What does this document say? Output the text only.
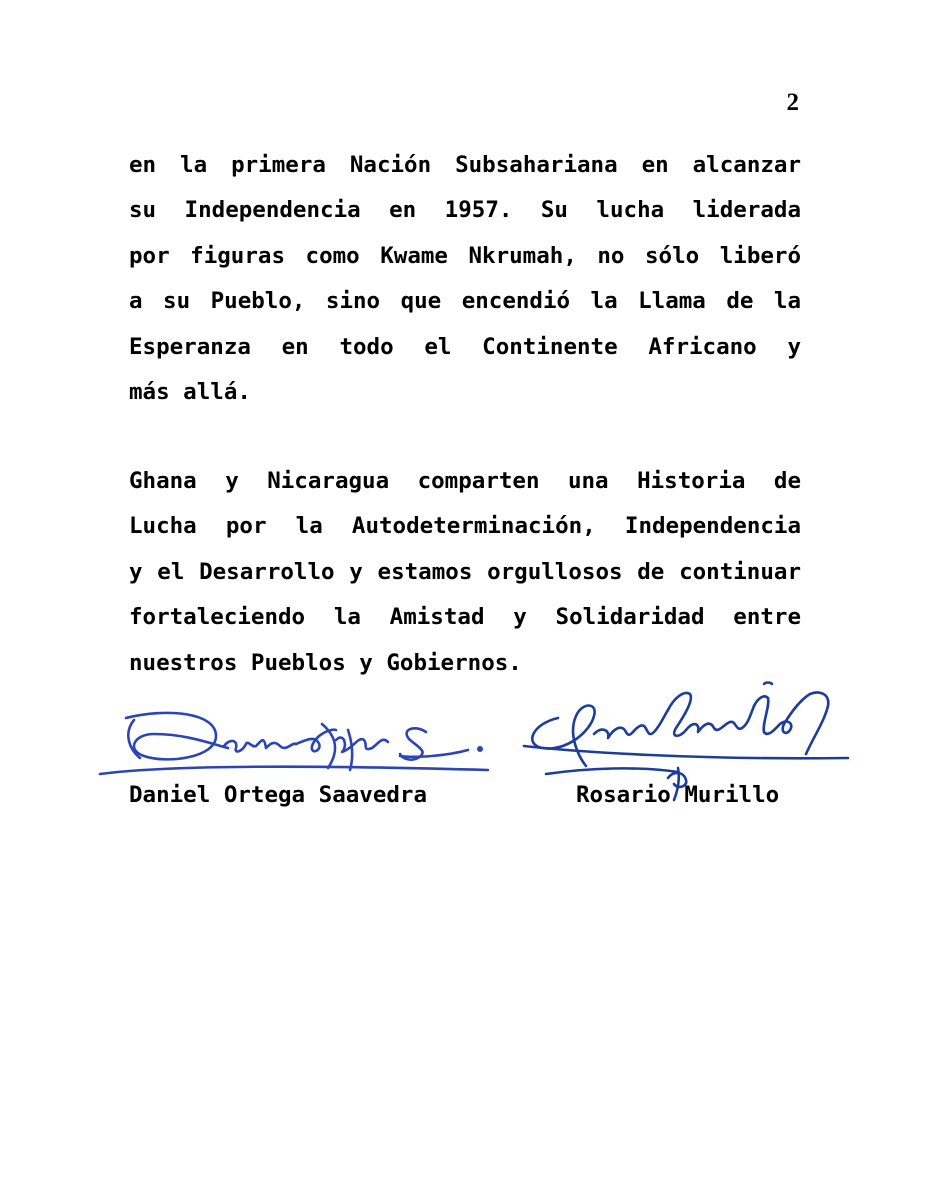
2
en la primera Nación Subsahariana en alcanzar
su Independencia en 1957. Su lucha liderada
por figuras como Kwame Nkrumah, no sólo liberó
a su Pueblo, sino que encendió la Llama de la
Esperanza en todo el Continente Africano y
más allá.
Ghana y Nicaragua comparten una Historia de
Lucha por la Autodeterminación, Independencia
y el Desarrollo y estamos orgullosos de continuar
fortaleciendo la Amistad y Solidaridad entre
nuestros Pueblos y Gobiernos.
Daniel Ortega Saavedra	Rosario Murillo
